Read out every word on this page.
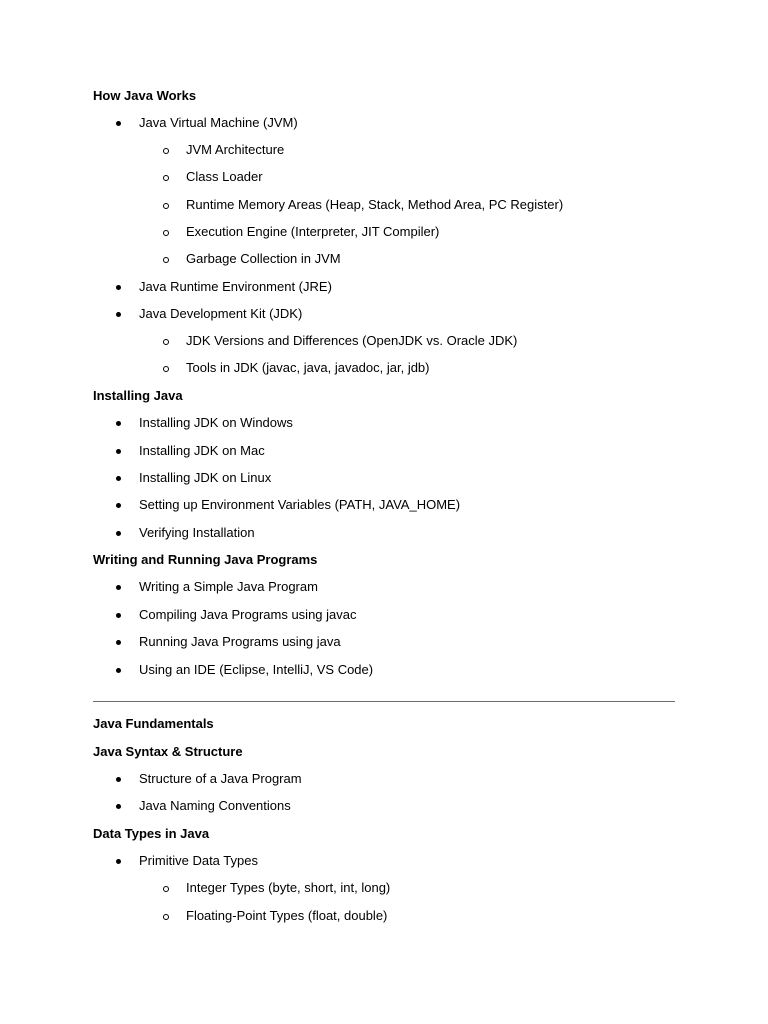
How Java Works
Java Virtual Machine (JVM)
JVM Architecture
Class Loader
Runtime Memory Areas (Heap, Stack, Method Area, PC Register)
Execution Engine (Interpreter, JIT Compiler)
Garbage Collection in JVM
Java Runtime Environment (JRE)
Java Development Kit (JDK)
JDK Versions and Differences (OpenJDK vs. Oracle JDK)
Tools in JDK (javac, java, javadoc, jar, jdb)
Installing Java
Installing JDK on Windows
Installing JDK on Mac
Installing JDK on Linux
Setting up Environment Variables (PATH, JAVA_HOME)
Verifying Installation
Writing and Running Java Programs
Writing a Simple Java Program
Compiling Java Programs using javac
Running Java Programs using java
Using an IDE (Eclipse, IntelliJ, VS Code)
Java Fundamentals
Java Syntax & Structure
Structure of a Java Program
Java Naming Conventions
Data Types in Java
Primitive Data Types
Integer Types (byte, short, int, long)
Floating-Point Types (float, double)
